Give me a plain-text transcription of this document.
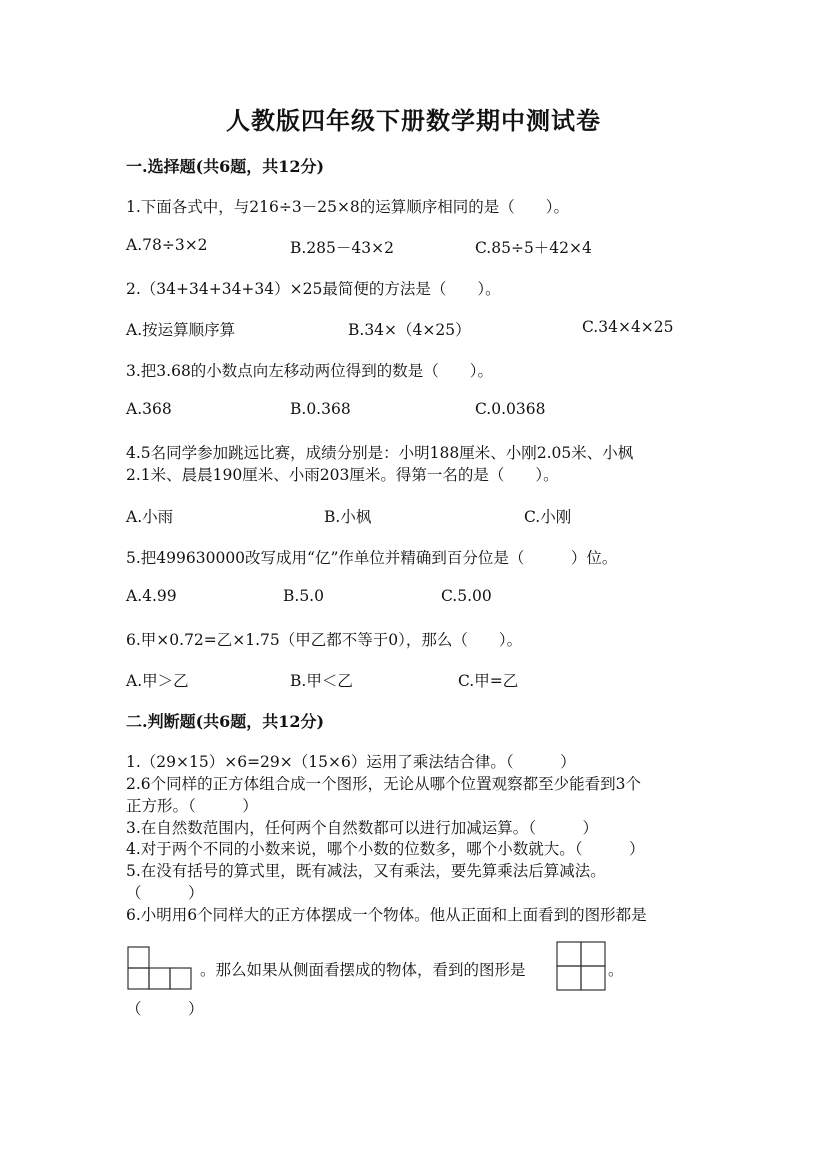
人教版四年级下册数学期中测试卷
一.选择题(共6题，共12分)
1.下面各式中，与216÷3－25×8的运算顺序相同的是（　　）。
A.78÷3×2	B.285－43×2	C.85÷5＋42×4
2.（34+34+34+34）×25最简便的方法是（　　）。
A.按运算顺序算	B.34×（4×25）	C.34×4×25
3.把3.68的小数点向左移动两位得到的数是（　　）。
A.368	B.0.368	C.0.0368
4.5名同学参加跳远比赛，成绩分别是：小明188厘米、小刚2.05米、小枫
2.1米、晨晨190厘米、小雨203厘米。得第一名的是（　　）。
A.小雨	B.小枫	C.小刚
5.把499630000改写成用“亿”作单位并精确到百分位是（　　　）位。
A.4.99	B.5.0	C.5.00
6.甲×0.72=乙×1.75（甲乙都不等于0），那么（　　）。
A.甲＞乙	B.甲＜乙	C.甲=乙
二.判断题(共6题，共12分)
1.（29×15）×6=29×（15×6）运用了乘法结合律。（　　　）
2.6个同样的正方体组合成一个图形，无论从哪个位置观察都至少能看到3个
正方形。（　　　）
3.在自然数范围内，任何两个自然数都可以进行加减运算。（　　　）
4.对于两个不同的小数来说，哪个小数的位数多，哪个小数就大。（　　　）
5.在没有括号的算式里，既有减法，又有乘法，要先算乘法后算减法。
（　　　）
6.小明用6个同样大的正方体摆成一个物体。他从正面和上面看到的图形都是
。那么如果从侧面看摆成的物体，看到的图形是	。
（　　　）
